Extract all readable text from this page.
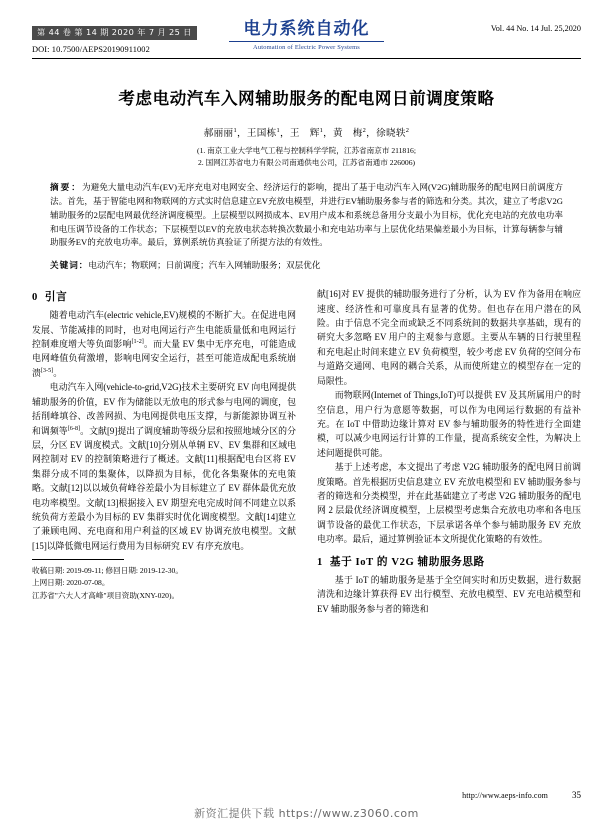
第 44 卷 第 14 期 2020 年 7 月 25 日
DOI: 10.7500/AEPS20190911002
电力系统自动化
Automation of Electric Power Systems
Vol. 44 No. 14 Jul. 25,2020
考虑电动汽车入网辅助服务的配电网日前调度策略
郝丽丽$^1$，王国栋$^1$，王　辉$^1$，黄　梅$^2$，徐晓轶$^2$
(1. 南京工业大学电气工程与控制科学学院，江苏省南京市 211816;
2. 国网江苏省电力有限公司南通供电公司，江苏省南通市 226006)
摘要：为避免大量电动汽车(EV)无序充电对电网安全、经济运行的影响，提出了基于电动汽车入网(V2G)辅助服务的配电网日前调度方法。首先，基于智能电网和物联网的方式实时信息建立EV充放电模型，并进行EV辅助服务参与者的筛选和分类。其次，建立了考虑V2G辅助服务的2层配电网最优经济调度模型。上层模型以网损成本、EV用户成本和系统总备用分支最小为目标，优化充电站的充放电功率和电压调节设备的工作状态；下层模型以EV的充放电状态转换次数最小和充电站功率与上层优化结果偏差最小为目标，计算每辆参与辅助服务EV的充放电功率。最后，算例系统仿真验证了所提方法的有效性。
关键词：电动汽车；物联网；日前调度；汽车入网辅助服务；双层优化
0 引言

随着电动汽车(electric vehicle,EV)规模的不断扩大。在促进电网发展、节能减排的同时，也对电网运行产生电能质量低和电网运行控制难度增大等负面影响[1-2]。而大量 EV 集中无序充电，可能造成电网峰值负荷激增，影响电网安全运行，甚至可能造成配电系统崩溃[3-5]。

电动汽车入网(vehicle-to-grid,V2G)技术主要研究 EV 向电网提供辅助服务的价值，EV 作为储能以无放电的形式参与电网的调度，包括削峰填谷、改善网损、为电网提供电压支撑，与新能源协调互补和调频等[6-8]。文献[9]提出了调度辅助等级分层和按照地域分区的分层，分区 EV 调度模式。文献[10]分别从单辆 EV、EV 集群和区域电网控制对 EV 的控制策略进行了概述。文献[11]根据配电台区将 EV 集群分成不同的集聚体，以降损为目标，优化各集聚体的充电策略。文献[12]以以域负荷峰谷差最小为目标建立了 EV 群体最优充放电功率模型。文献[13]根据接入 EV 期望充电完成时间不同建立以系统负荷方差最小为目标的 EV 集群实时优化调度模型。文献[14]建立了兼顾电网、充电商和用户利益的区域 EV 协调充放电模型。文献[15]以降低微电网运行费用为目标研究 EV 有序充放电。

收稿日期: 2019-09-11; 修回日期: 2019-12-30。
上网日期: 2020-07-08。
江苏省"六大人才高峰"项目资助(XNY-020)。

献[16]对 EV 提供的辅助服务进行了分析，认为 EV 作为备用在响应速度、经济性和可靠度具有显著的优势。但也存在用户潜在的风险。由于信息不完全而或缺乏不同系统间的数据共享基础，现有的研究大多忽略 EV 用户的主观参与意愿。主要从车辆的日行驶里程和充电起止时间来建立 EV 负荷模型，较少考虑 EV 负荷的空间分布与道路交通网、电网的耦合关系，从而使所建立的模型存在一定的局限性。

而物联网(Internet of Things,IoT)可以提供 EV 及其所属用户的时空信息，用户行为意愿等数据，可以作为电网运行数据的有益补充。在 IoT 中借助边缘计算对 EV 参与辅助服务的特性进行全面建模，可以减少电网运行计算的工作量，提高系统安全性，为解决上述问题提供可能。

基于上述考虑，本文提出了考虑 V2G 辅助服务的配电网日前调度策略。首先根据历史信息建立 EV 充放电模型和 EV 辅助服务参与者的筛选和分类模型，并在此基础建立了考虑 V2G 辅助服务的配电网 2 层最优经济调度模型，上层模型考虑集合充放电功率和各电压调节设备的最优工作状态，下层承诺各单个参与辅助服务 EV 充放电功率。最后，通过算例验证本文所提优化策略的有效性。

1 基于 IoT 的 V2G 辅助服务思路

基于 IoT 的辅助服务是基于全空间实时和历史数据，进行数据清洗和边缘计算获得 EV 出行模型、充放电模型、EV 充电站模型和 EV 辅助服务参与者的筛选和

http://www.aeps-info.com	35
新资汇提供下载 https://www.z3060.com
